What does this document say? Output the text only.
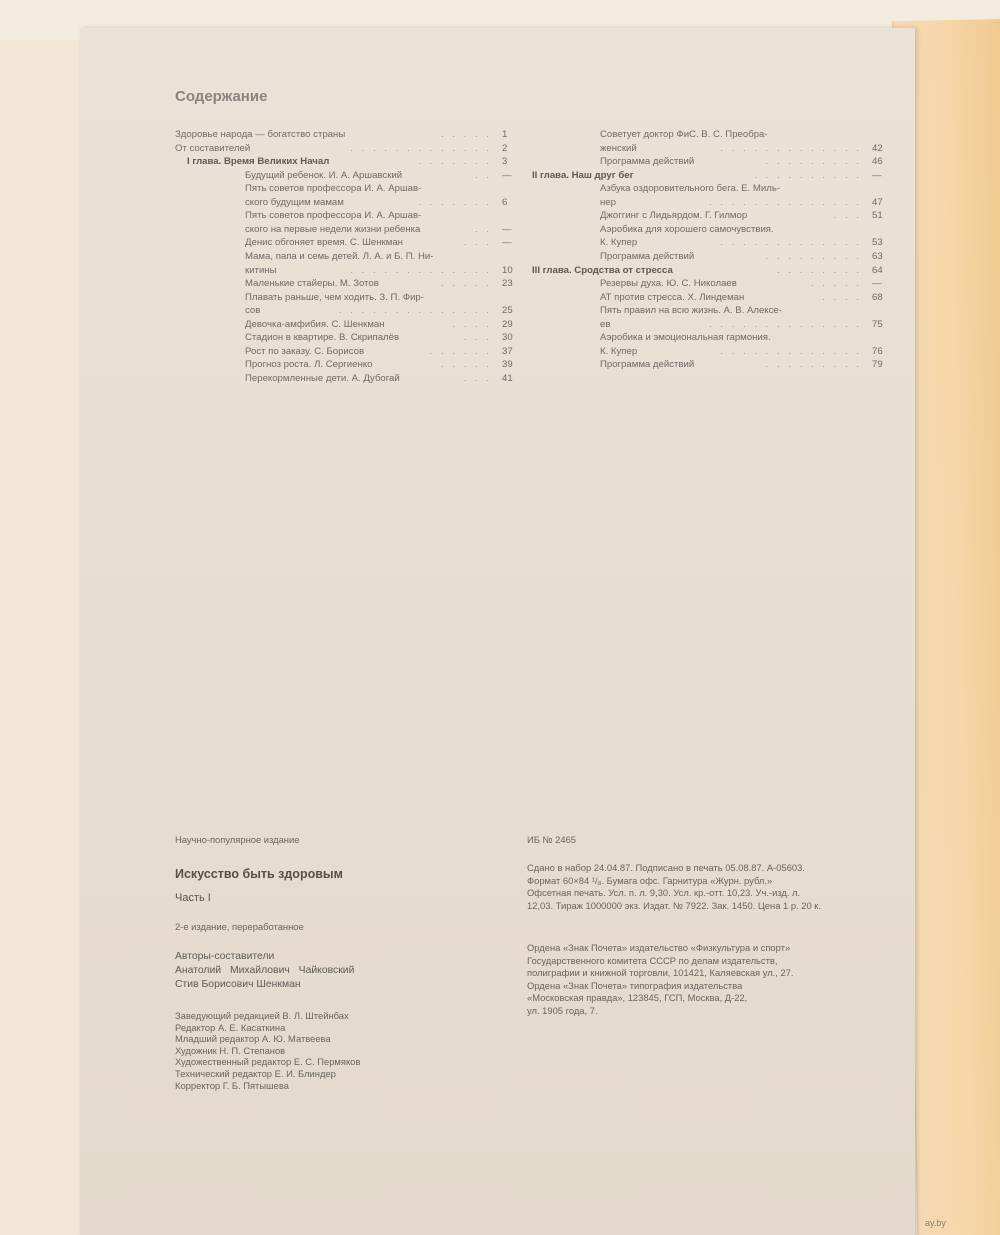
Содержание
Здоровье народа — богатство страны	. . . . . 1
От составителей	. . . . . . . . . . . . . 2
I глава. Время Великих Начал	. . . . . . . 3
Будущий ребенок. И. А. Аршавский	. . —
Пять советов профессора И. А. Аршав-
ского будущим мамам	. . . . . . . 6
Пять советов профессора И. А. Аршав-
ского на первые недели жизни ребенка	. . —
Денис обгоняет время. С. Шенкман	. . . —
Мама, папа и семь детей. Л. А. и Б. П. Ни-
китины	. . . . . . . . . . . . . 10
Маленькие стайеры. М. Зотов	. . . . . 23
Плавать раньше, чем ходить. З. П. Фир-
сов	. . . . . . . . . . . . . . 25
Девочка-амфибия. С. Шенкман	. . . . 29
Стадион в квартире. В. Скрипалёв	. . . 30
Рост по заказу. С. Борисов	. . . . . . 37
Прогноз роста. Л. Сергиенко	. . . . . 39
Перекормленные дети. А. Дубогай	. . . 41
Советует доктор ФиС. В. С. Преобра-
женский	. . . . . . . . . . . . . 42
Программа действий	. . . . . . . . . 46
II глава. Наш друг бег	. . . . . . . . . . —
Азбука оздоровительного бега. Е. Миль-
нер	. . . . . . . . . . . . . . 47
Джоггинг с Лидьярдом. Г. Гилмор	. . . 51
Аэробика для хорошего самочувствия.
К. Купер	. . . . . . . . . . . . . 53
Программа действий	. . . . . . . . . 63
III глава. Сродства от стресса	. . . . . . . . 64
Резервы духа. Ю. С. Николаев	. . . . . —
АТ против стресса. Х. Линдеман	. . . . 68
Пять правил на всю жизнь. А. В. Алексе-
ев	. . . . . . . . . . . . . . 75
Аэробика и эмоциональная гармония.
К. Купер	. . . . . . . . . . . . . 76
Программа действий	. . . . . . . . . 79
Научно-популярное издание
Искусство быть здоровым
Часть I
2-е издание, переработанное
Авторы-составители
Анатолий Михайлович Чайковский
Стив Борисович Шенкман
Заведующий редакцией В. Л. Штейнбах
Редактор А. Е. Касаткина
Младший редактор А. Ю. Матвеева
Художник Н. П. Степанов
Художественный редактор Е. С. Пермяков
Технический редактор Е. И. Блиндер
Корректор Г. Б. Пятышева
ИБ № 2465
Сдано в набор 24.04.87. Подписано в печать 05.08.87. А-05603.
Формат 60×84 ¹/₈. Бумага офс. Гарнитура «Журн. рубл.»
Офсетная печать. Усл. п. л. 9,30. Усл. кр.-отт. 10,23. Уч.-изд. л.
12,03. Тираж 1000000 экз. Издат. № 7922. Зак. 1450. Цена 1 р. 20 к.
Ордена «Знак Почета» издательство «Физкультура и спорт»
Государственного комитета СССР по делам издательств,
полиграфии и книжной торговли, 101421, Каляевская ул., 27.
Ордена «Знак Почета» типография издательства
«Московская правда», 123845, ГСП, Москва, Д-22,
ул. 1905 года, 7.
ay.by
